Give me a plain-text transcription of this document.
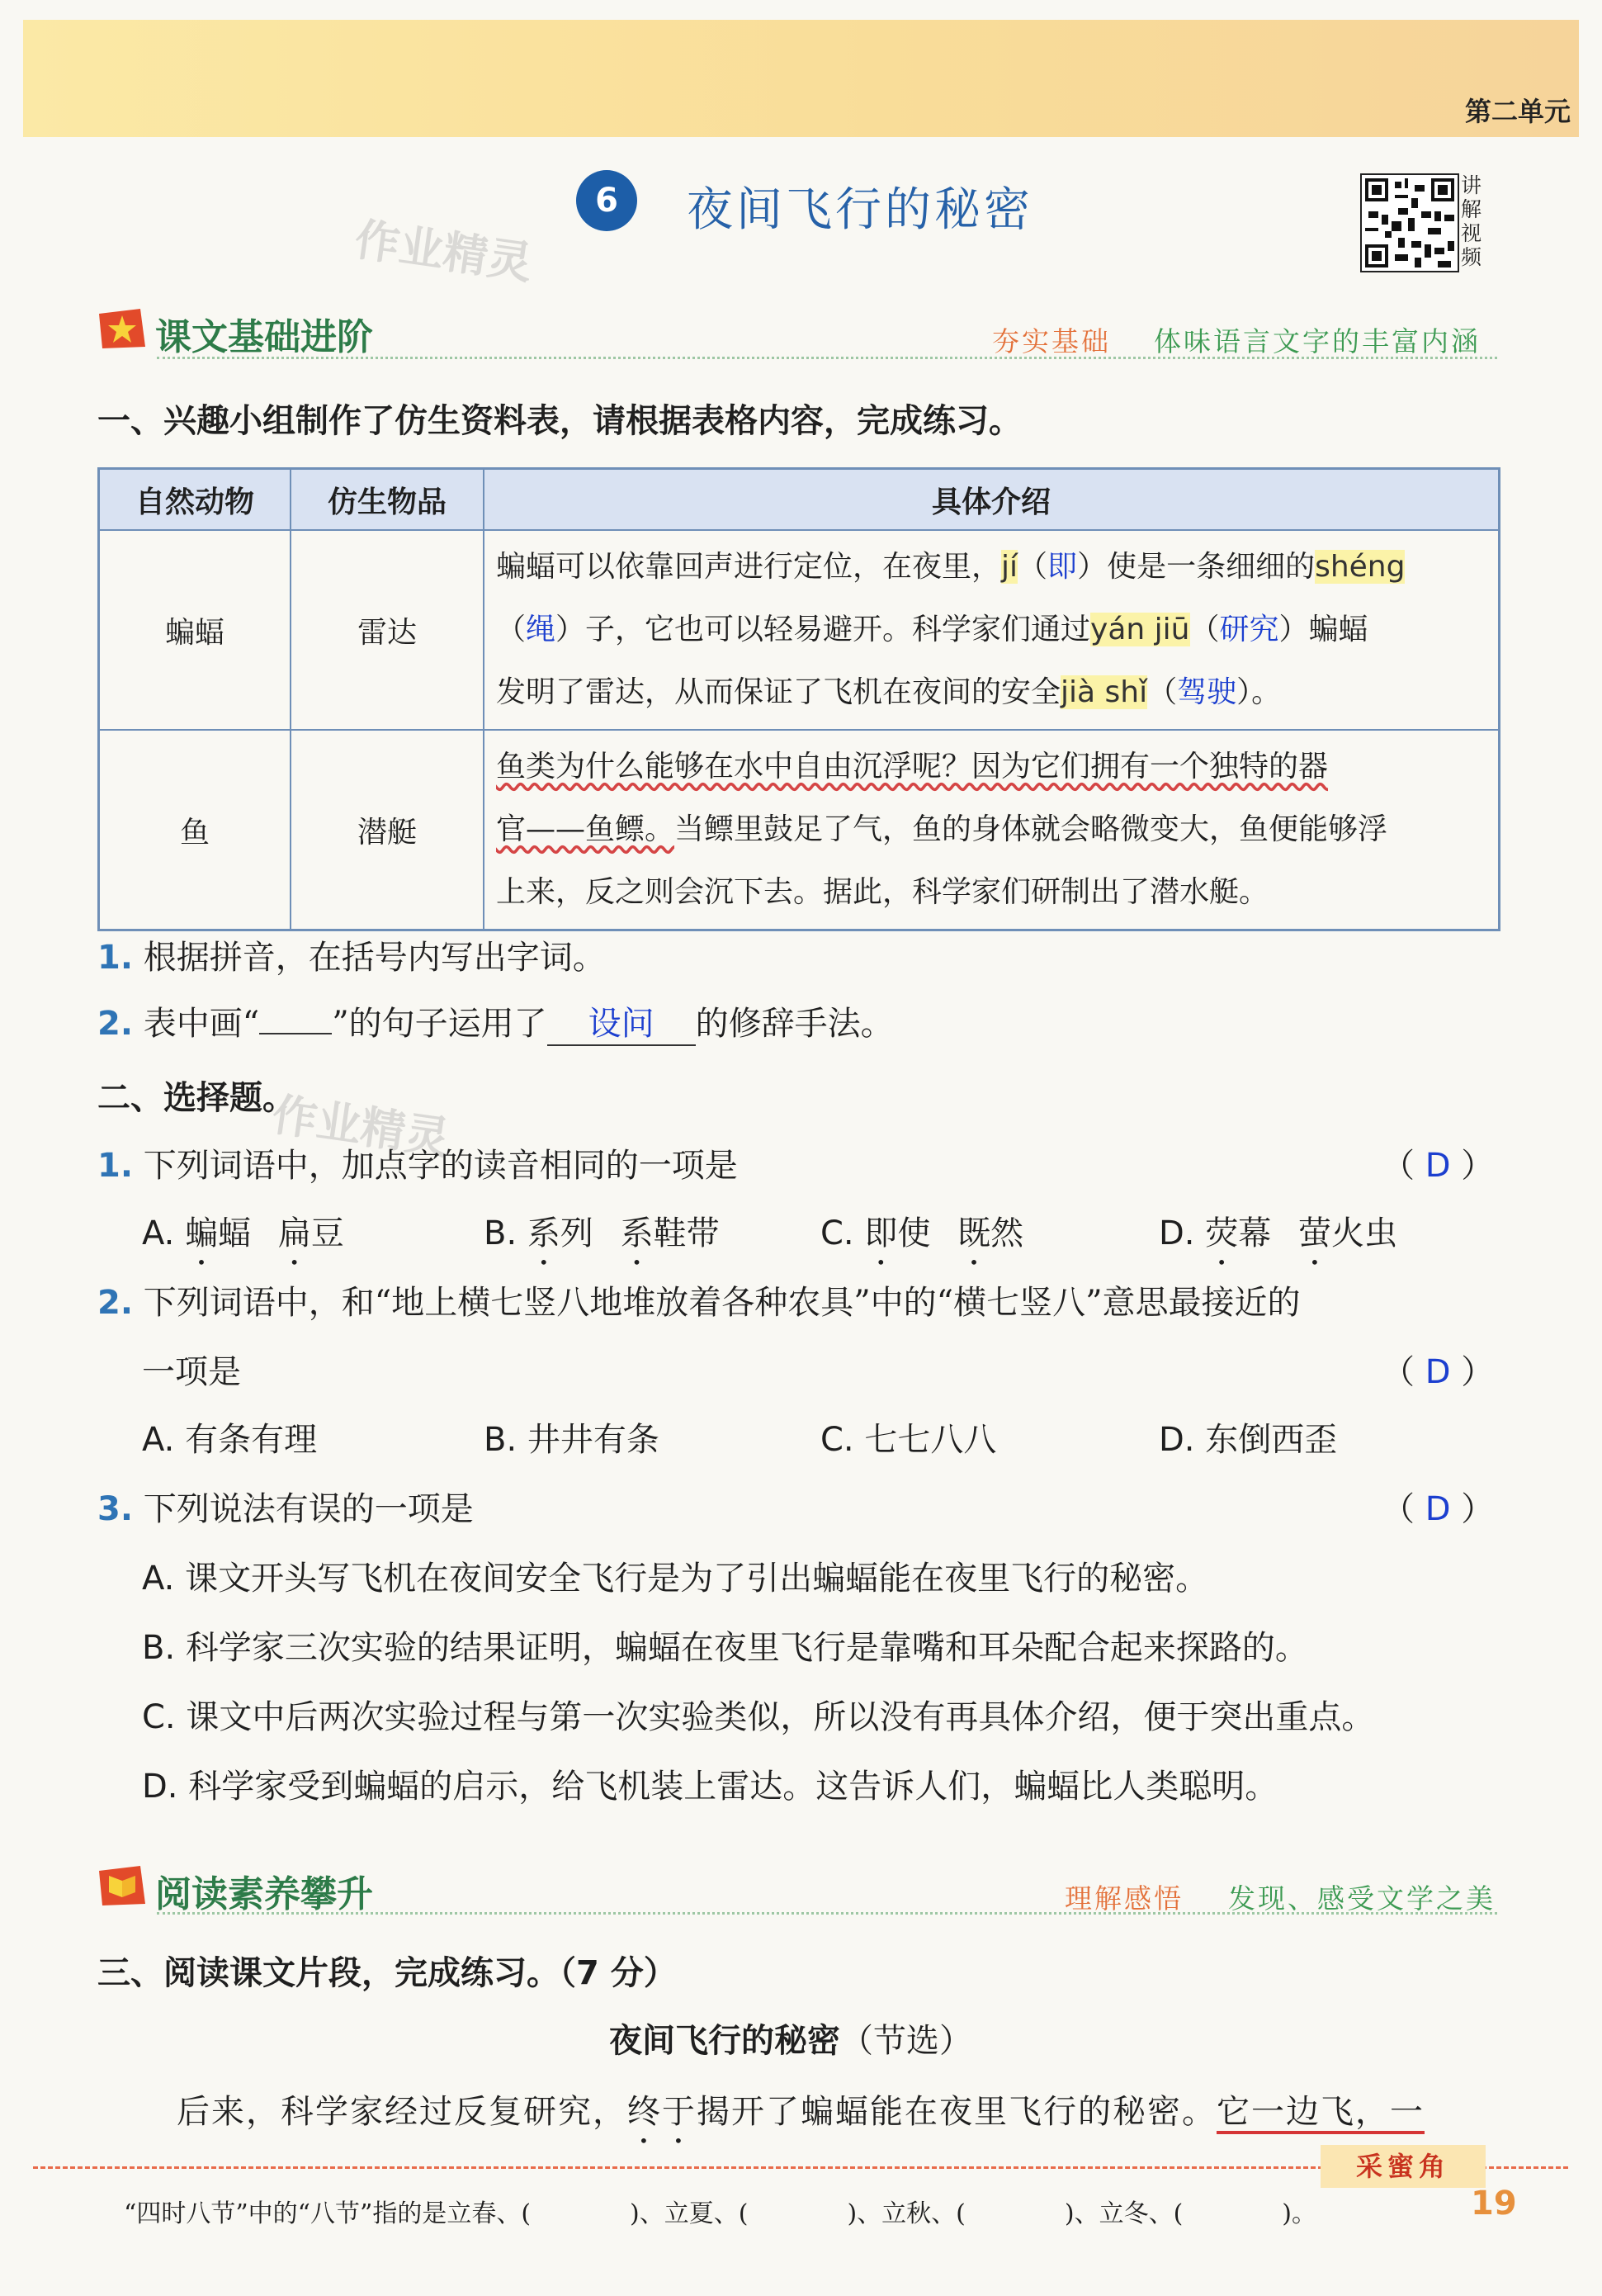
第二单元
6	夜间飞行的秘密
作业精灵
讲
解
视
频
课文基础进阶	夯实基础 体味语言文字的丰富内涵
一、兴趣小组制作了仿生资料表，请根据表格内容，完成练习。
自然动物	仿生物品	具体介绍
蝙蝠	雷达	蝙蝠可以依靠回声进行定位，在夜里，jí（即）使是一条细细的shéng
（绳）子，它也可以轻易避开。科学家们通过yán jiū（研究）蝙蝠
发明了雷达，从而保证了飞机在夜间的安全jià shǐ（驾驶）。

鱼	潜艇	鱼类为什么能够在水中自由沉浮呢？因为它们拥有一个独特的器
官——鱼鳔。当鳔里鼓足了气，鱼的身体就会略微变大，鱼便能够浮
上来，反之则会沉下去。据此，科学家们研制出了潜水艇。
1. 根据拼音，在括号内写出字词。
2. 表中画“ ”的句子运用了 设问 的修辞手法。
二、选择题。
作业精灵
1. 下列词语中，加点字的读音相同的一项是	（ D ）
A. 蝙蝠 扁豆	B. 系列 系鞋带	C. 即使 既然	D. 荧幕 萤火虫
2. 下列词语中，和“地上横七竖八地堆放着各种农具”中的“横七竖八”意思最接近的
一项是	（ D ）
A. 有条有理	B. 井井有条	C. 七七八八	D. 东倒西歪
3. 下列说法有误的一项是	（ D ）
A. 课文开头写飞机在夜间安全飞行是为了引出蝙蝠能在夜里飞行的秘密。
B. 科学家三次实验的结果证明，蝙蝠在夜里飞行是靠嘴和耳朵配合起来探路的。
C. 课文中后两次实验过程与第一次实验类似，所以没有再具体介绍，便于突出重点。
D. 科学家受到蝙蝠的启示，给飞机装上雷达。这告诉人们，蝙蝠比人类聪明。
阅读素养攀升	理解感悟 发现、感受文学之美
三、阅读课文片段，完成练习。（7 分）
夜间飞行的秘密（节选）
后来，科学家经过反复研究，终于揭开了蝙蝠能在夜里飞行的秘密。它一边飞，一
采蜜角
“四时八节”中的“八节”指的是立春、(　　　　)、立夏、(　　　　)、立秋、(　　　　)、立冬、(　　　　)。	19
